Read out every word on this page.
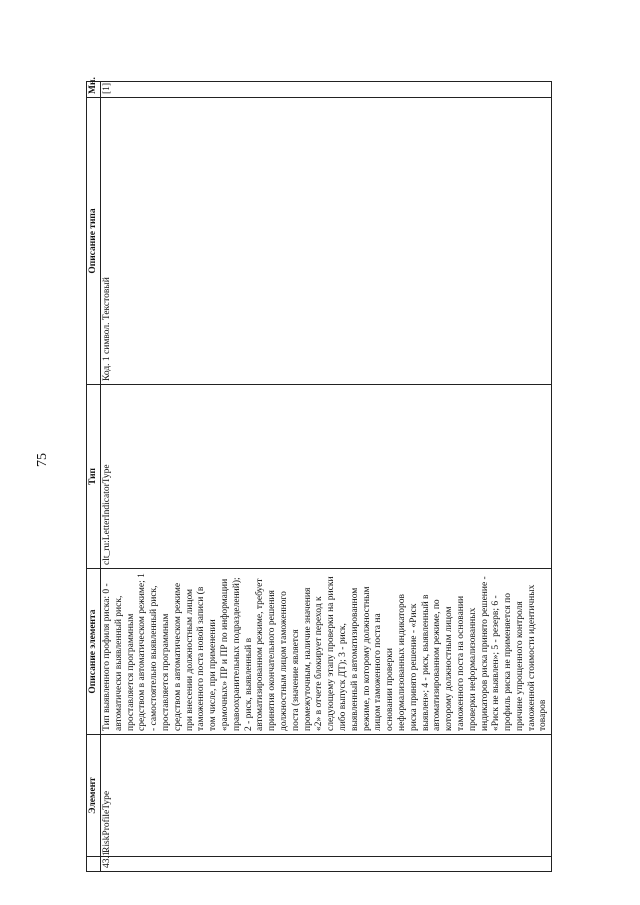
75
	Элемент	Описание элемента	Тип	Описание типа	Мн.
43.1.	RiskProfileType	Тип выявленного профиля риска: 0 - автоматически выявленный риск, проставляется программным средством в автоматическом режиме; 1 - самостоятельно выявленный риск, проставляется программным средством в автоматическом режиме при внесении должностным лицом таможенного поста новой записи (в том числе, при применении «рамочных» ПР и ПР по информации правоохранительных подразделений); 2 - риск, выявленный в автоматизированном режиме, требует принятия окончательного решения должностным лицом таможенного поста (значение является промежуточным, наличие значения «2» в отчете блокирует переход к следующему этапу проверки на риски либо выпуск ДТ); 3 - риск, выявленный в автоматизированном режиме, по которому должностным лицом таможенного поста на основании проверки неформализованных индикаторов риска принято решение - «Риск выявлен»; 4 - риск, выявленный в автоматизированном режиме, по которому должностным лицом таможенного поста на основании проверки неформализованных индикаторов риска принято решение - «Риск не выявлен»; 5 - резерв; 6 - профиль риска не применяется по причине упрощенного контроля таможенной стоимости идентичных товаров	clt_ru:LetterIndicatorType	Код. 1 символ. Текстовый	[1]
